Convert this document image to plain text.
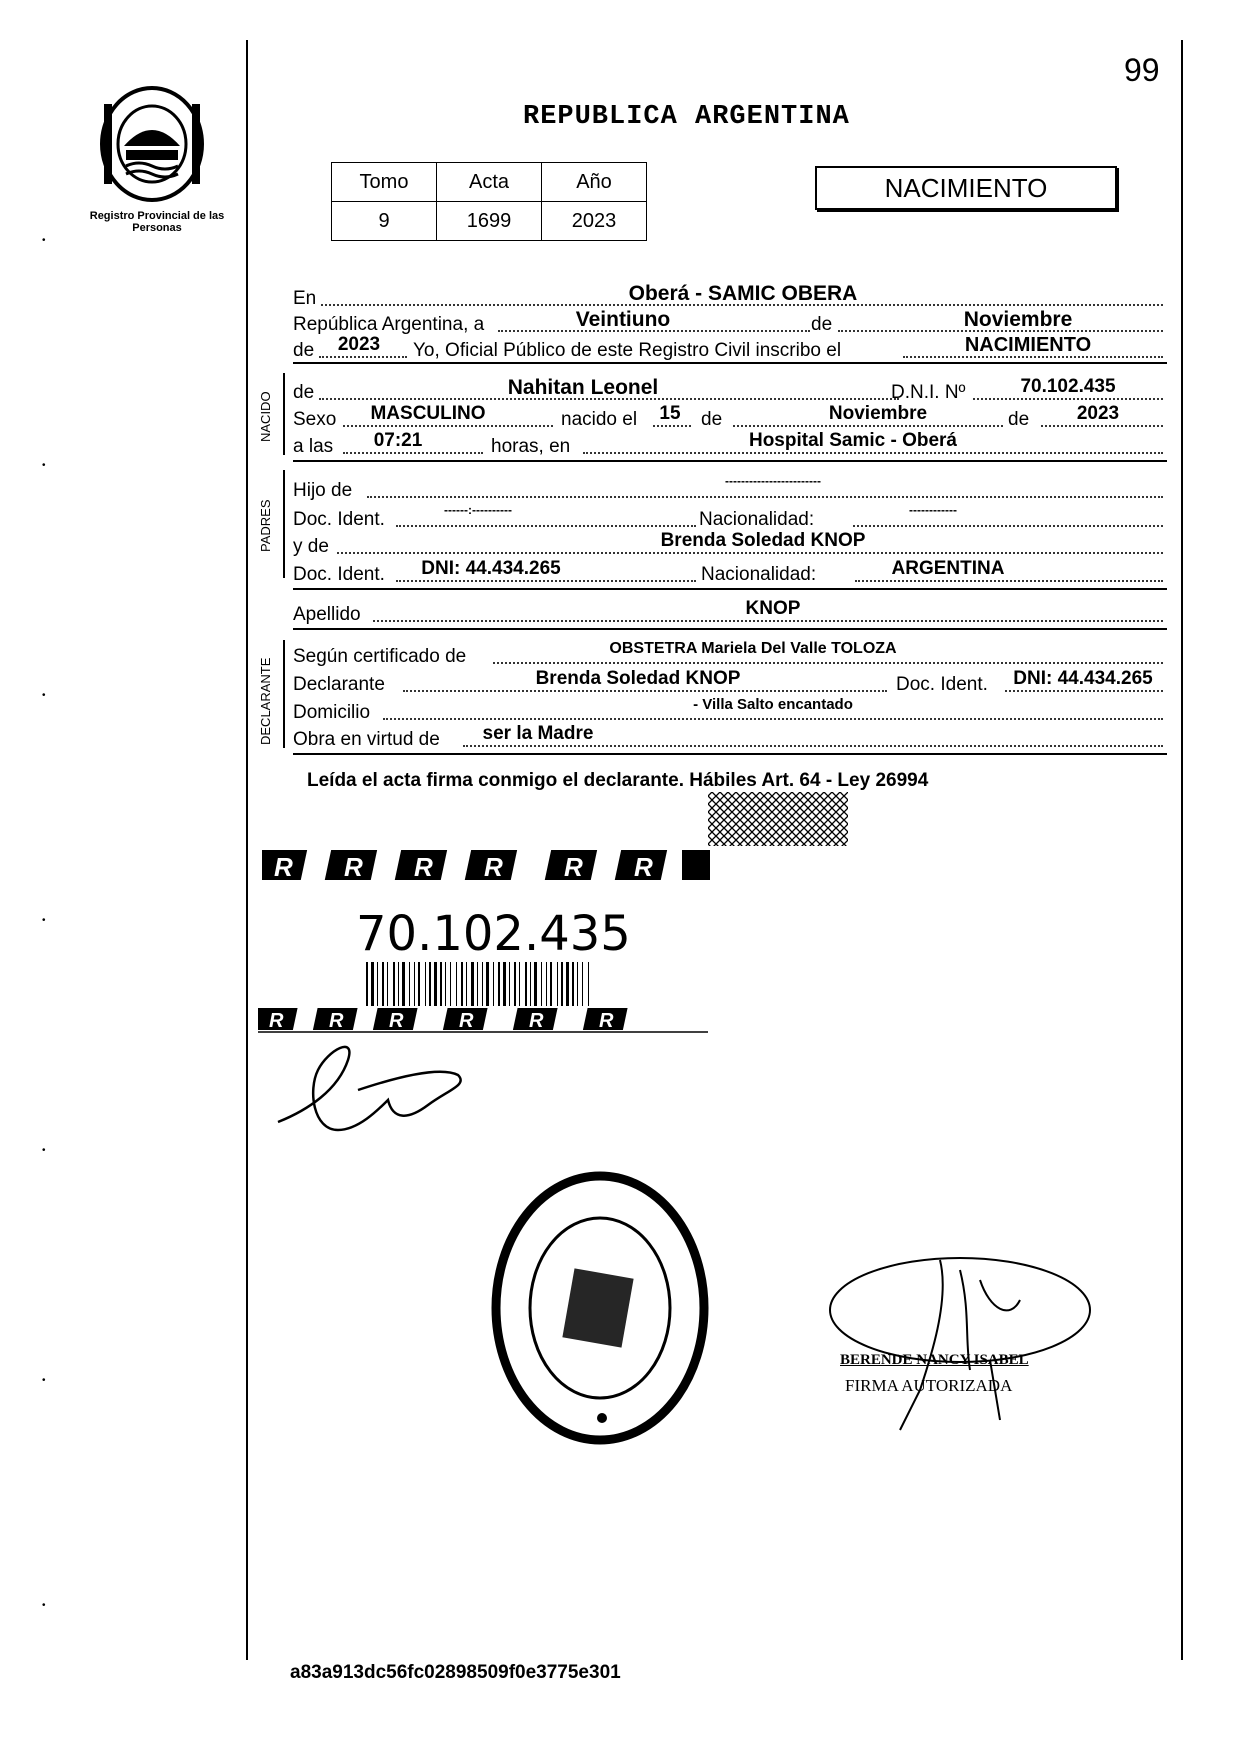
•
•
•
•
•
•
•
Registro Provincial de las Personas
99
REPUBLICA ARGENTINA
Tomo	Acta	Año
9	1699	2023
NACIMIENTO
En	Oberá - SAMIC OBERA
República Argentina, a	Veintiuno	de	Noviembre
de	2023	Yo, Oficial Público de este Registro Civil inscribo el	NACIMIENTO
NACIDO de	Nahitan Leonel	D.N.I. Nº	70.102.435
Sexo	MASCULINO	nacido el 15 de	Noviembre	de	2023
a las	07:21	horas, en	Hospital Samic - Oberá
PADRES
Hijo de	------------------------
Doc. Ident.	------:----------	Nacionalidad:	------------
y de	Brenda Soledad KNOP
Doc. Ident.	DNI: 44.434.265	Nacionalidad:	ARGENTINA
Apellido	KNOP
DECLARANTE
Según certificado de	OBSTETRA Mariela Del Valle TOLOZA
Declarante	Brenda Soledad KNOP	Doc. Ident.	DNI: 44.434.265
Domicilio	- Villa Salto encantado
Obra en virtud de ser la Madre
Leída el acta firma conmigo el declarante. Hábiles Art. 64 - Ley 26994
R R R R R R
70.102.435
R R R	R	R	R
BERENDE NANCY ISABEL
FIRMA AUTORIZADA
a83a913dc56fc02898509f0e3775e301
